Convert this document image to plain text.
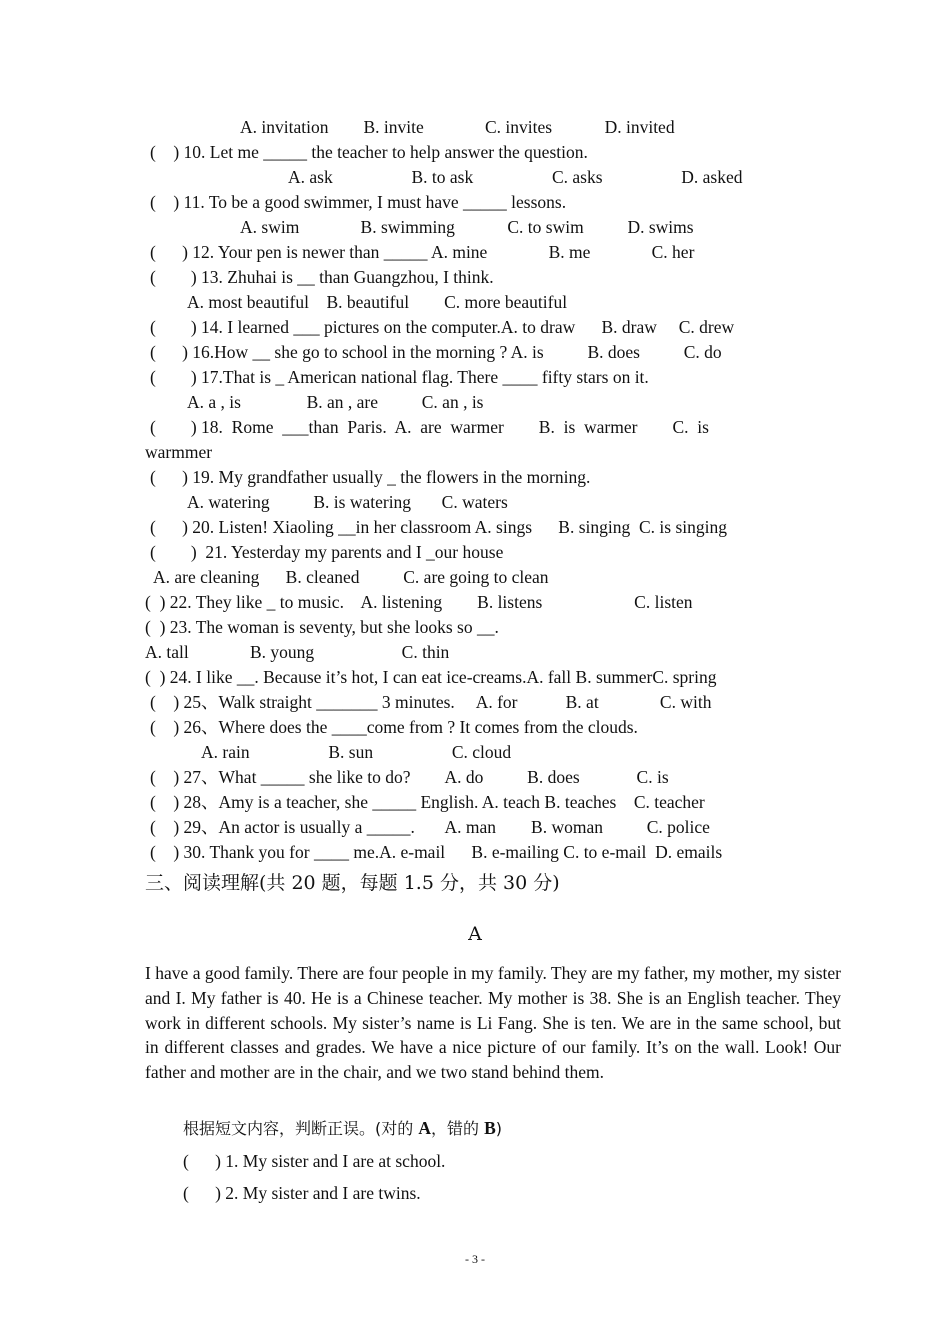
A. invitation        B. invite              C. invites            D. invited
(    ) 10. Let me _____ the teacher to help answer the question.
A. ask                  B. to ask                  C. asks                  D. asked
(    ) 11. To be a good swimmer, I must have _____ lessons.
A. swim              B. swimming            C. to swim          D. swims
(      ) 12. Your pen is newer than _____ A. mine              B. me              C. her
(        ) 13. Zhuhai is __ than Guangzhou, I think.
A. most beautiful    B. beautiful        C. more beautiful
(        ) 14. I learned ___ pictures on the computer.A. to draw      B. draw     C. drew
(      ) 16.How __ she go to school in the morning ? A. is          B. does          C. do
(        ) 17.That is _ American national flag. There ____ fifty stars on it.
A. a , is               B. an , are          C. an , is
(        ) 18.  Rome  ___than  Paris.  A.  are  warmer        B.  is  warmer        C.  is
warmmer
(      ) 19. My grandfather usually _ the flowers in the morning.
A. watering          B. is watering       C. waters
(      ) 20. Listen! Xiaoling __in her classroom A. sings      B. singing  C. is singing
(        )  21. Yesterday my parents and I _our house
A. are cleaning      B. cleaned          C. are going to clean
(  ) 22. They like _ to music.    A. listening        B. listens                     C. listen
(  ) 23. The woman is seventy, but she looks so __.
A. tall              B. young                    C. thin
(  ) 24. I like __. Because it’s hot, I can eat ice-creams.A. fall B. summerC. spring
(    ) 25、Walk straight _______ 3 minutes.     A. for           B. at              C. with
(    ) 26、Where does the ____come from ? It comes from the clouds.
A. rain                  B. sun                  C. cloud
(    ) 27、What _____ she like to do?        A. do          B. does             C. is
(    ) 28、Amy is a teacher, she _____ English. A. teach B. teaches    C. teacher
(    ) 29、An actor is usually a _____.       A. man        B. woman          C. police
(    ) 30. Thank you for ____ me.A. e-mail      B. e-mailing C. to e-mail  D. emails
三、阅读理解(共 20 题，每题 1.5 分，共 30 分)
A
I have a good family. There are four people in my family. They are my father, my mother, my sister and I. My father is 40. He is a Chinese teacher. My mother is 38. She is an English teacher. They work in different schools. My sister’s name is Li Fang. She is ten. We are in the same school, but in different classes and grades. We have a nice picture of our family. It’s on the wall. Look! Our father and mother are in the chair, and we two stand behind them.
根据短文内容，判断正误。(对的 A，错的 B)
(      ) 1. My sister and I are at school.
(      ) 2. My sister and I are twins.
- 3 -
